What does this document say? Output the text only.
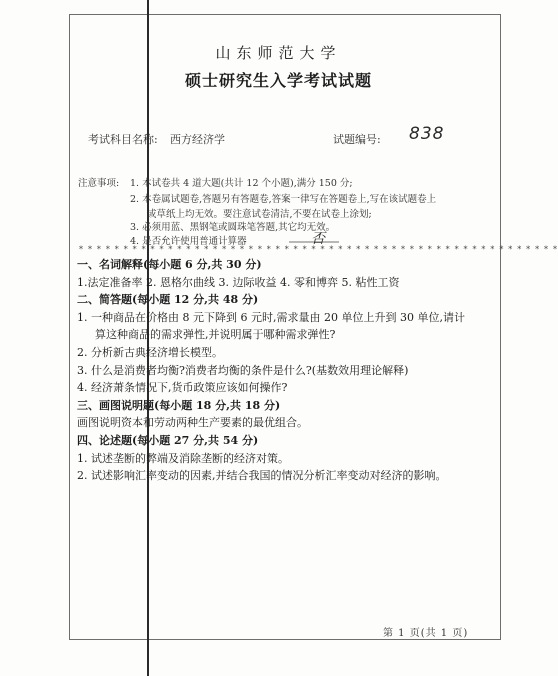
山东师范大学
硕士研究生入学考试试题
考试科目名称: 西方经济学	试题编号: 838
注意事项: 1. 本试卷共 4 道大题(共计 12 个小题),满分 150 分;
2. 本卷属试题卷,答题另有答题卷,答案一律写在答题卷上,写在该试题卷上
或草纸上均无效。要注意试卷清洁,不要在试卷上涂划;
3. 必须用蓝、黑钢笔或圆珠笔答题,其它均无效。
4. 是否允许使用普通计算器	否
* * * * * * * * * * * * * * * * * * * * * * * * * * * * * * * * * * * * * * * * * * * * * * * * * * * * * *
一、名词解释(每小题 6 分,共 30 分)
1.法定准备率 2. 恩格尔曲线 3. 边际收益 4. 零和博弈 5. 粘性工资
二、简答题(每小题 12 分,共 48 分)
1. 一种商品在价格由 8 元下降到 6 元时,需求量由 20 单位上升到 30 单位,请计
算这种商品的需求弹性,并说明属于哪种需求弹性?
2. 分析新古典经济增长模型。
3. 什么是消费者均衡?消费者均衡的条件是什么?(基数效用理论解释)
4. 经济萧条情况下,货币政策应该如何操作?
三、画图说明题(每小题 18 分,共 18 分)
画图说明资本和劳动两种生产要素的最优组合。
四、论述题(每小题 27 分,共 54 分)
1. 试述垄断的弊端及消除垄断的经济对策。
2. 试述影响汇率变动的因素,并结合我国的情况分析汇率变动对经济的影响。
第 1 页(共 1 页)
